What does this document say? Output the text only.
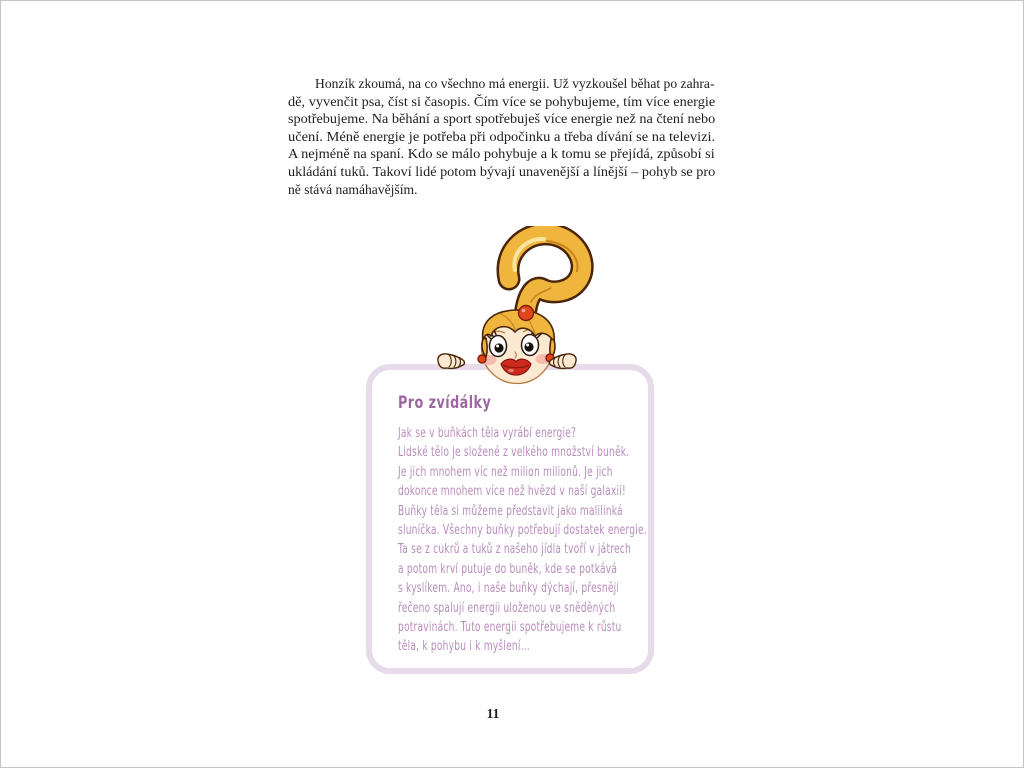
Honzík zkoumá, na co všechno má energii. Už vyzkoušel běhat po zahra-
dě, vyvenčit psa, číst si časopis. Čím více se pohybujeme, tím více energie
spotřebujeme. Na běhání a sport spotřebuješ více energie než na čtení nebo
učení. Méně energie je potřeba při odpočinku a třeba dívání se na televizi.
A nejméně na spaní. Kdo se málo pohybuje a k tomu se přejídá, způsobí si
ukládání tuků. Takoví lidé potom bývají unavenější a línější – pohyb se pro
ně stává namáhavějším.
Pro zvídálky
Jak se v buňkách těla vyrábí energie?
Lidské tělo je složené z velkého množství buněk.
Je jich mnohem víc než milion milionů. Je jich
dokonce mnohem více než hvězd v naší galaxii!
Buňky těla si můžeme představit jako malilinká
sluníčka. Všechny buňky potřebují dostatek energie.
Ta se z cukrů a tuků z našeho jídla tvoří v játrech
a potom krví putuje do buněk, kde se potkává
s kyslíkem. Ano, i naše buňky dýchají, přesněji
řečeno spalují energii uloženou ve sněděných
potravinách. Tuto energii spotřebujeme k růstu
těla, k pohybu i k myšlení…
11
